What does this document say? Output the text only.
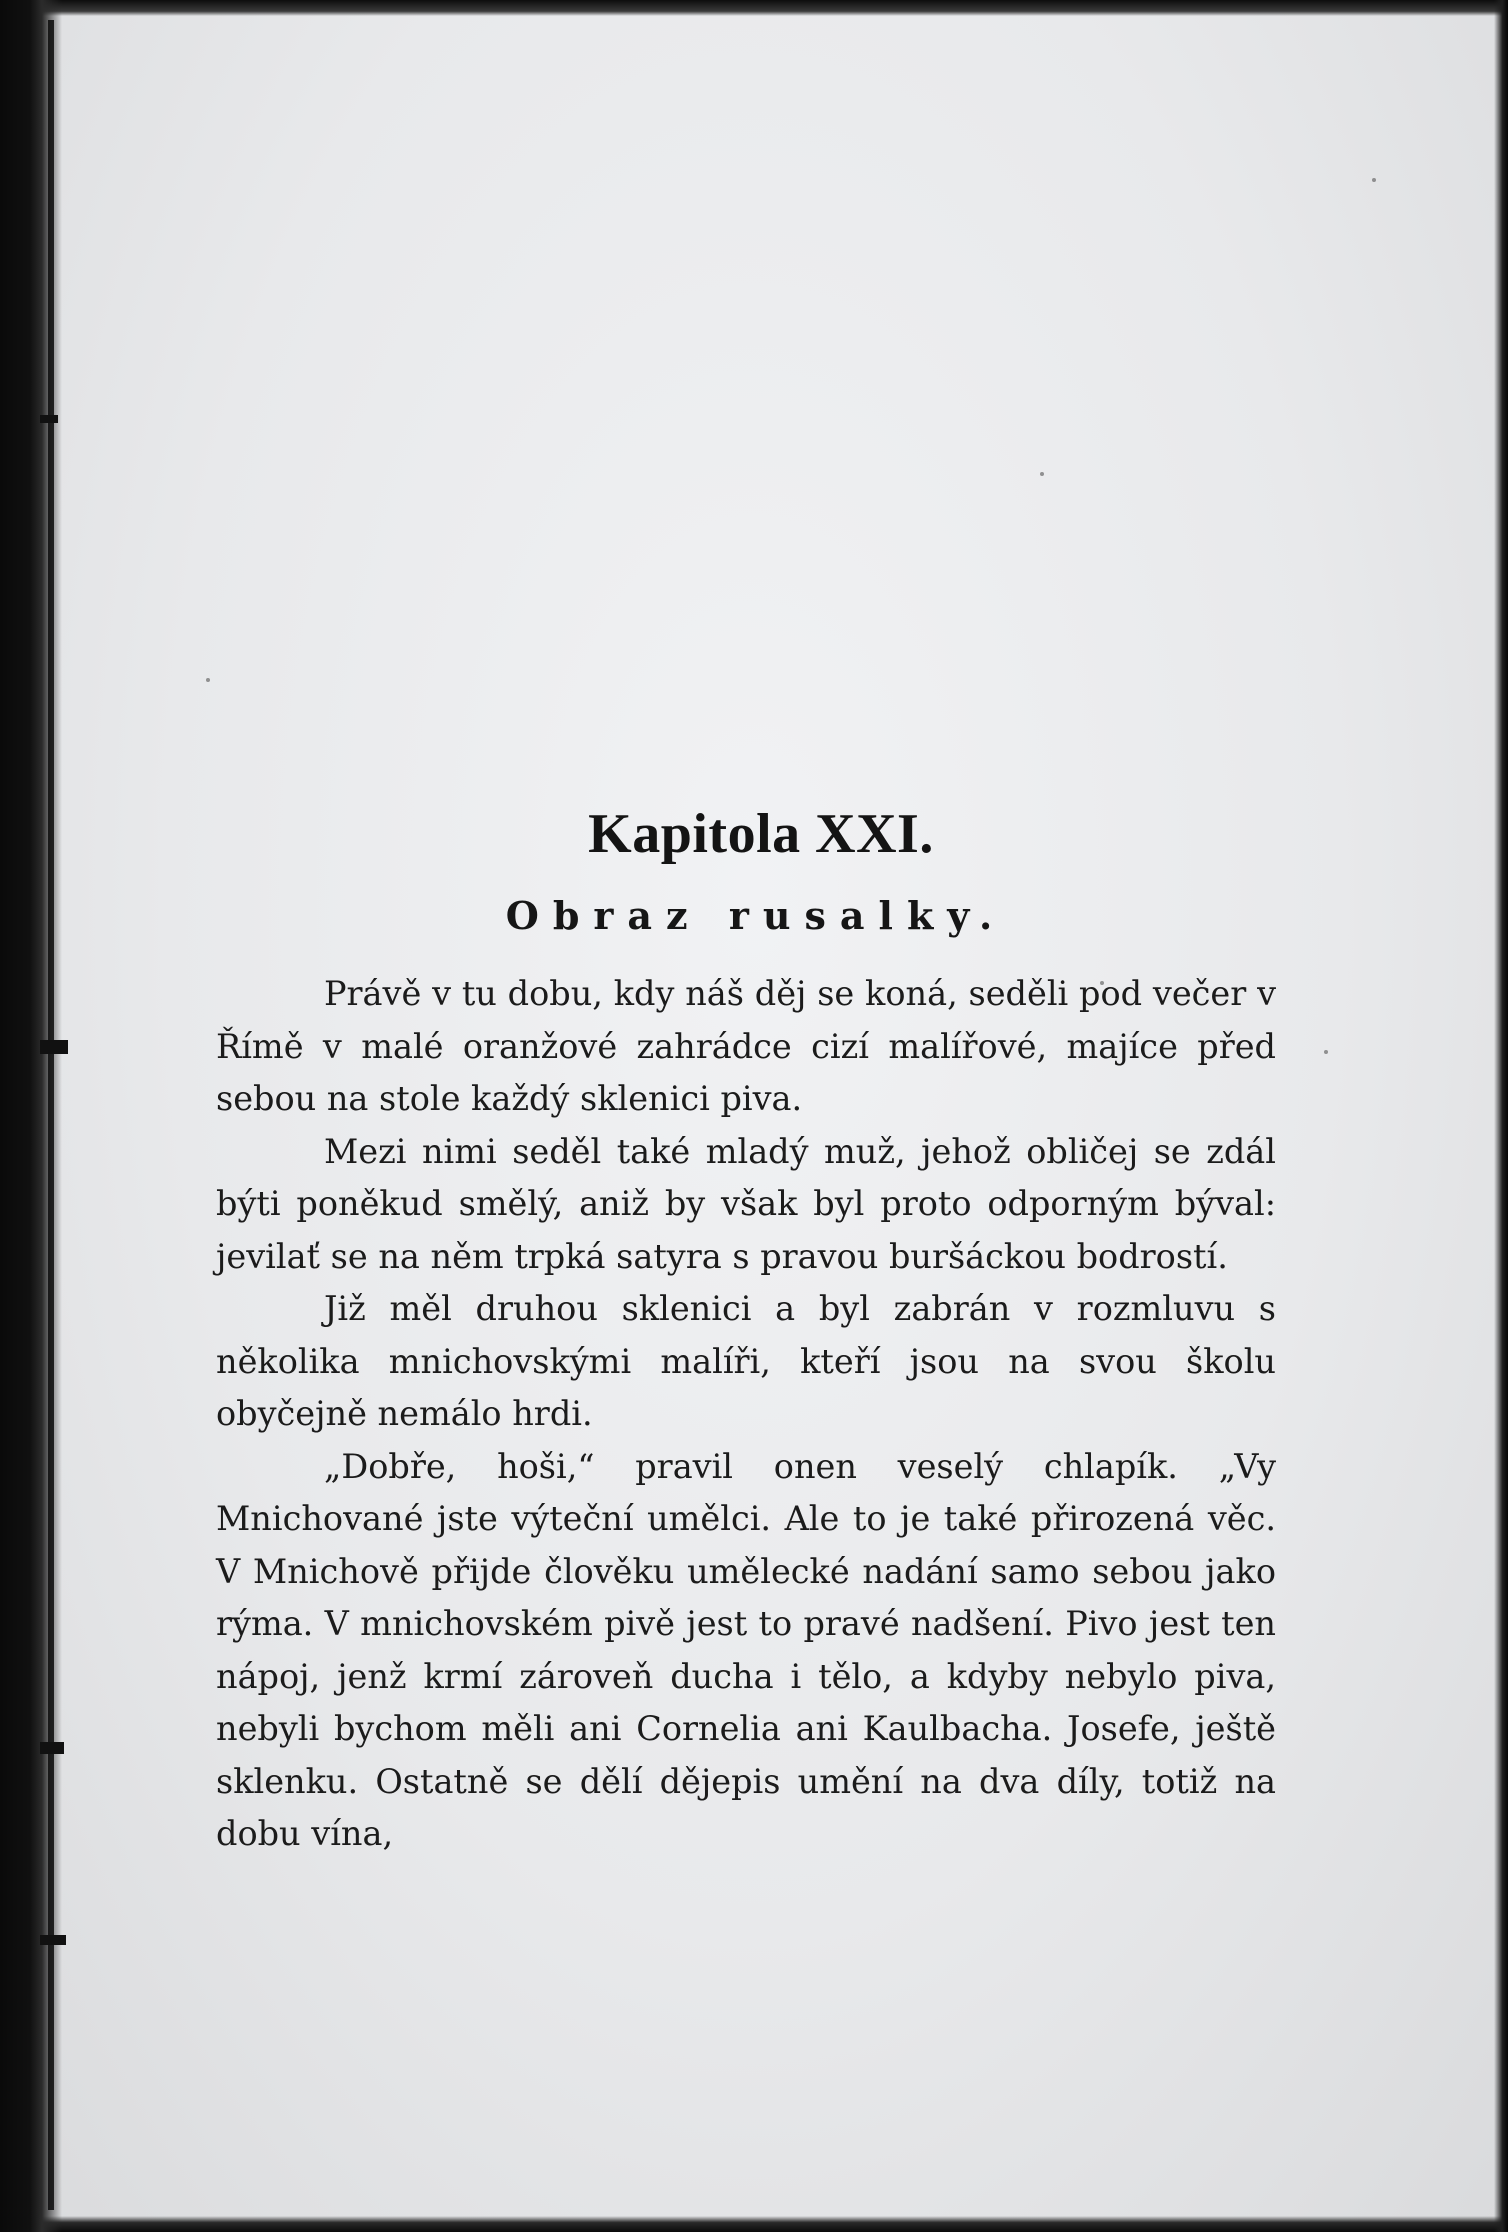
Kapitola XXI.
Obraz rusalky.

Právě v tu dobu, kdy náš děj se koná, seděli pod večer v Římě v malé oranžové zahrádce cizí malířové, majíce před sebou na stole každý sklenici piva.

Mezi nimi seděl také mladý muž, jehož obličej se zdál býti poněkud smělý, aniž by však byl proto odporným býval: jevilať se na něm trpká satyra s pravou buršáckou bodrostí.

Již měl druhou sklenici a byl zabrán v rozmluvu s několika mnichovskými malíři, kteří jsou na svou školu obyčejně nemálo hrdi.

„Dobře, hoši,“ pravil onen veselý chlapík. „Vy Mnichované jste výteční umělci. Ale to je také přirozená věc. V Mnichově přijde člověku umělecké nadání samo sebou jako rýma. V mnichovském pivě jest to pravé nadšení. Pivo jest ten nápoj, jenž krmí zároveň ducha i tělo, a kdyby nebylo piva, nebyli bychom měli ani Cornelia ani Kaulbacha. Josefe, ještě sklenku. Ostatně se dělí dějepis umění na dva díly, totiž na dobu vína,
